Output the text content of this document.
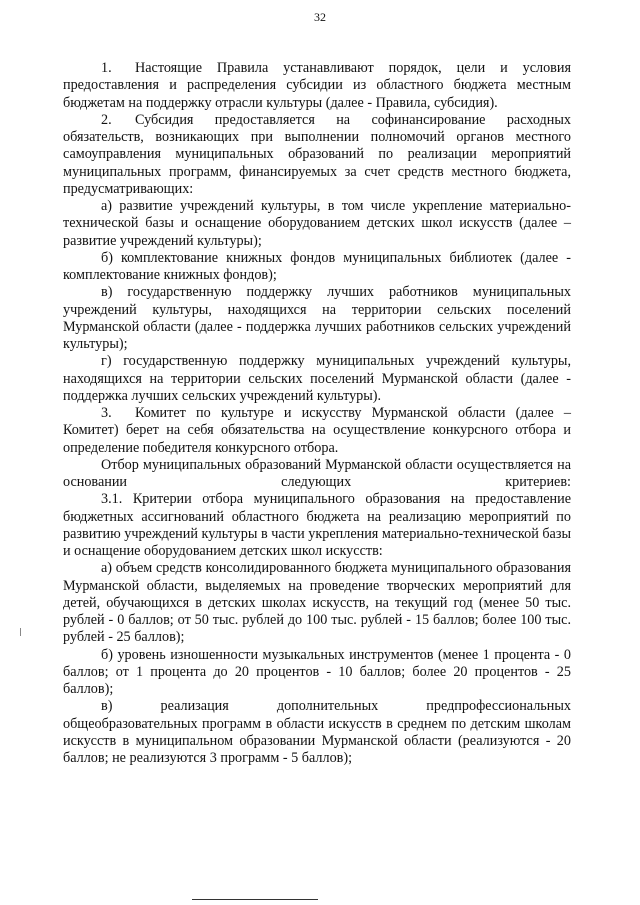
32

1. Настоящие Правила устанавливают порядок, цели и условия предоставления и распределения субсидии из областного бюджета местным бюджетам на поддержку отрасли культуры (далее - Правила, субсидия).

2. Субсидия предоставляется на софинансирование расходных обязательств, возникающих при выполнении полномочий органов местного самоуправления муниципальных образований по реализации мероприятий муниципальных программ, финансируемых за счет средств местного бюджета, предусматривающих:

а) развитие учреждений культуры, в том числе укрепление материально-технической базы и оснащение оборудованием детских школ искусств (далее – развитие учреждений культуры);

б) комплектование книжных фондов муниципальных библиотек (далее - комплектование книжных фондов);

в) государственную поддержку лучших работников муниципальных учреждений культуры, находящихся на территории сельских поселений Мурманской области (далее - поддержка лучших работников сельских учреждений культуры);

г) государственную поддержку муниципальных учреждений культуры, находящихся на территории сельских поселений Мурманской области (далее - поддержка лучших сельских учреждений культуры).

3. Комитет по культуре и искусству Мурманской области (далее – Комитет) берет на себя обязательства на осуществление конкурсного отбора и определение победителя конкурсного отбора.

Отбор муниципальных образований Мурманской области осуществляется на основании следующих критериев:

3.1. Критерии отбора муниципального образования на предоставление бюджетных ассигнований областного бюджета на реализацию мероприятий по развитию учреждений культуры в части укрепления материально-технической базы и оснащение оборудованием детских школ искусств:

а) объем средств консолидированного бюджета муниципального образования Мурманской области, выделяемых на проведение творческих мероприятий для детей, обучающихся в детских школах искусств, на текущий год (менее 50 тыс. рублей - 0 баллов; от 50 тыс. рублей до 100 тыс. рублей - 15 баллов; более 100 тыс. рублей - 25 баллов);

б) уровень изношенности музыкальных инструментов (менее 1 процента - 0 баллов; от 1 процента до 20 процентов - 10 баллов; более 20 процентов - 25 баллов);

в) реализация дополнительных предпрофессиональных общеобразовательных программ в области искусств в среднем по детским школам искусств в муниципальном образовании Мурманской области (реализуются - 20 баллов; не реализуются 3 программ - 5 баллов);
